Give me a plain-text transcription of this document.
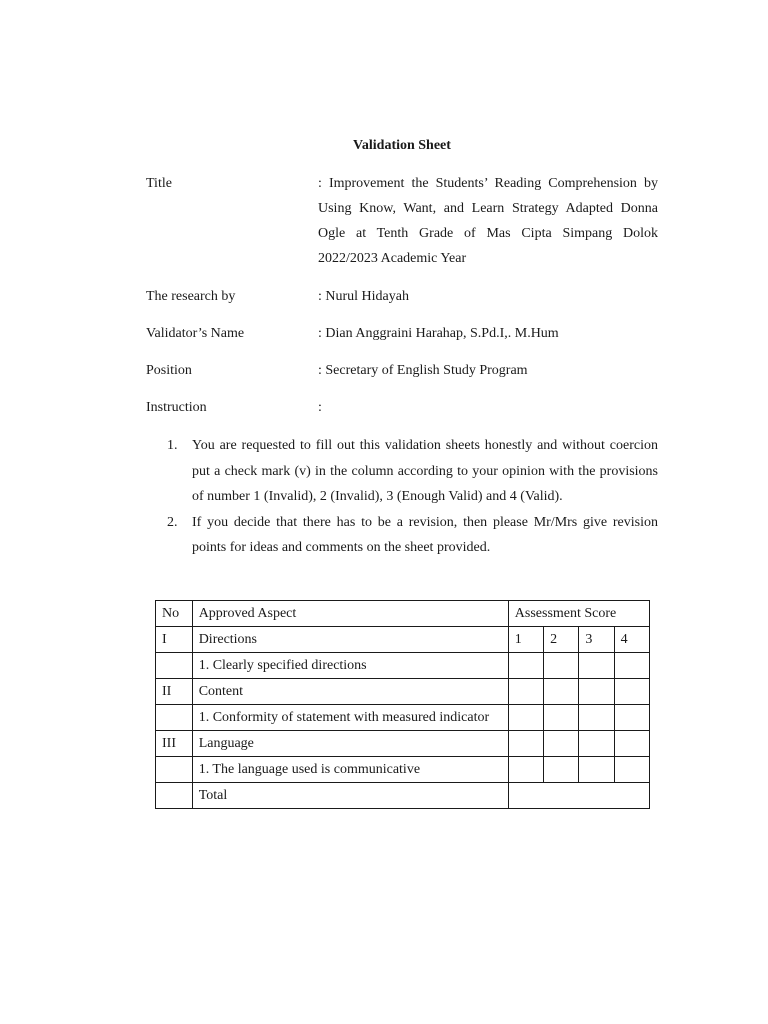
Validation Sheet
Title	: Improvement the Students’ Reading Comprehension by Using Know, Want, and Learn Strategy Adapted Donna Ogle at Tenth Grade of Mas Cipta Simpang Dolok 2022/2023 Academic Year
The research by	: Nurul Hidayah
Validator’s Name	: Dian Anggraini Harahap, S.Pd.I,. M.Hum
Position	: Secretary of English Study Program
Instruction	:
1. You are requested to fill out this validation sheets honestly and without coercion put a check mark (v) in the column according to your opinion with the provisions of number 1 (Invalid), 2 (Invalid), 3 (Enough Valid) and 4 (Valid).
2. If you decide that there has to be a revision, then please Mr/Mrs give revision points for ideas and comments on the sheet provided.
No	Approved Aspect	Assessment Score			
I	Directions	1	2	3	4
	1. Clearly specified directions				
II	Content				
	1. Conformity of statement with measured indicator				
III	Language				
	1. The language used is communicative				
	Total				
